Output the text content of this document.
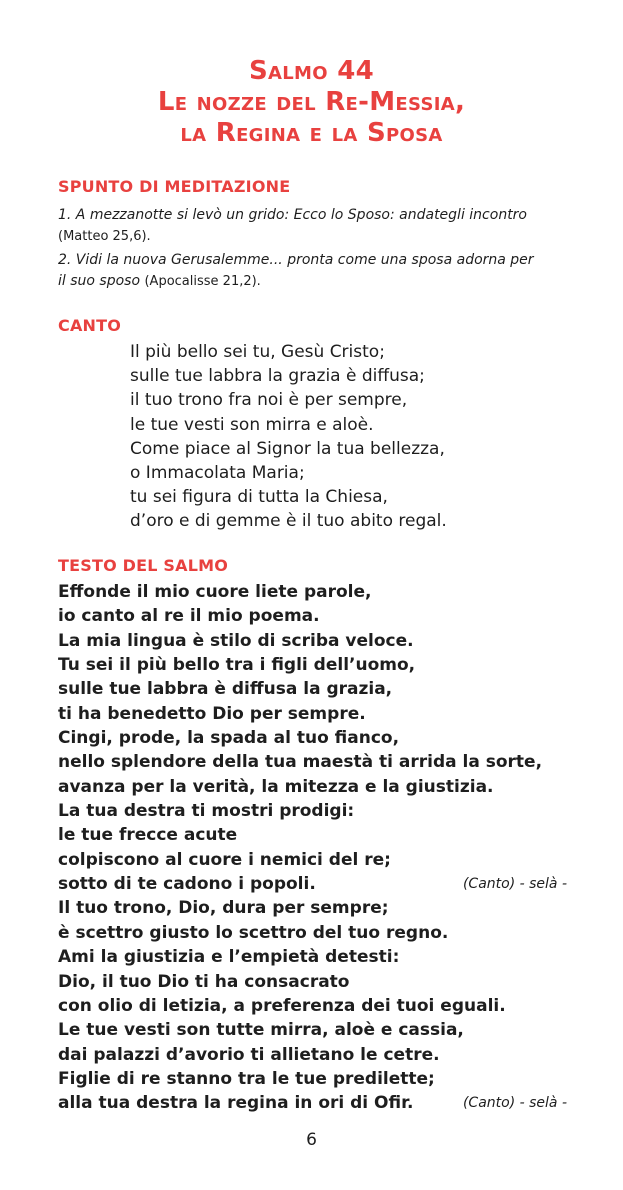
Salmo 44
Le nozze del Re-Messia,
la Regina e la Sposa
SPUNTO DI MEDITAZIONE
1. A mezzanotte si levò un grido: Ecco lo Sposo: andategli incontro
(Matteo 25,6).
2. Vidi la nuova Gerusalemme... pronta come una sposa adorna per
il suo sposo (Apocalisse 21,2).
CANTO
Il più bello sei tu, Gesù Cristo;
sulle tue labbra la grazia è diffusa;
il tuo trono fra noi è per sempre,
le tue vesti son mirra e aloè.
Come piace al Signor la tua bellezza,
o Immacolata Maria;
tu sei figura di tutta la Chiesa,
d’oro e di gemme è il tuo abito regal.
TESTO DEL SALMO
Effonde il mio cuore liete parole,
io canto al re il mio poema.
La mia lingua è stilo di scriba veloce.
Tu sei il più bello tra i figli dell’uomo,
sulle tue labbra è diffusa la grazia,
ti ha benedetto Dio per sempre.
Cingi, prode, la spada al tuo fianco,
nello splendore della tua maestà ti arrida la sorte,
avanza per la verità, la mitezza e la giustizia.
La tua destra ti mostri prodigi:
le tue frecce acute
colpiscono al cuore i nemici del re;
sotto di te cadono i popoli.	(Canto) - selà -
Il tuo trono, Dio, dura per sempre;
è scettro giusto lo scettro del tuo regno.
Ami la giustizia e l’empietà detesti:
Dio, il tuo Dio ti ha consacrato
con olio di letizia, a preferenza dei tuoi eguali.
Le tue vesti son tutte mirra, aloè e cassia,
dai palazzi d’avorio ti allietano le cetre.
Figlie di re stanno tra le tue predilette;
alla tua destra la regina in ori di Ofir.	(Canto) - selà -
6
